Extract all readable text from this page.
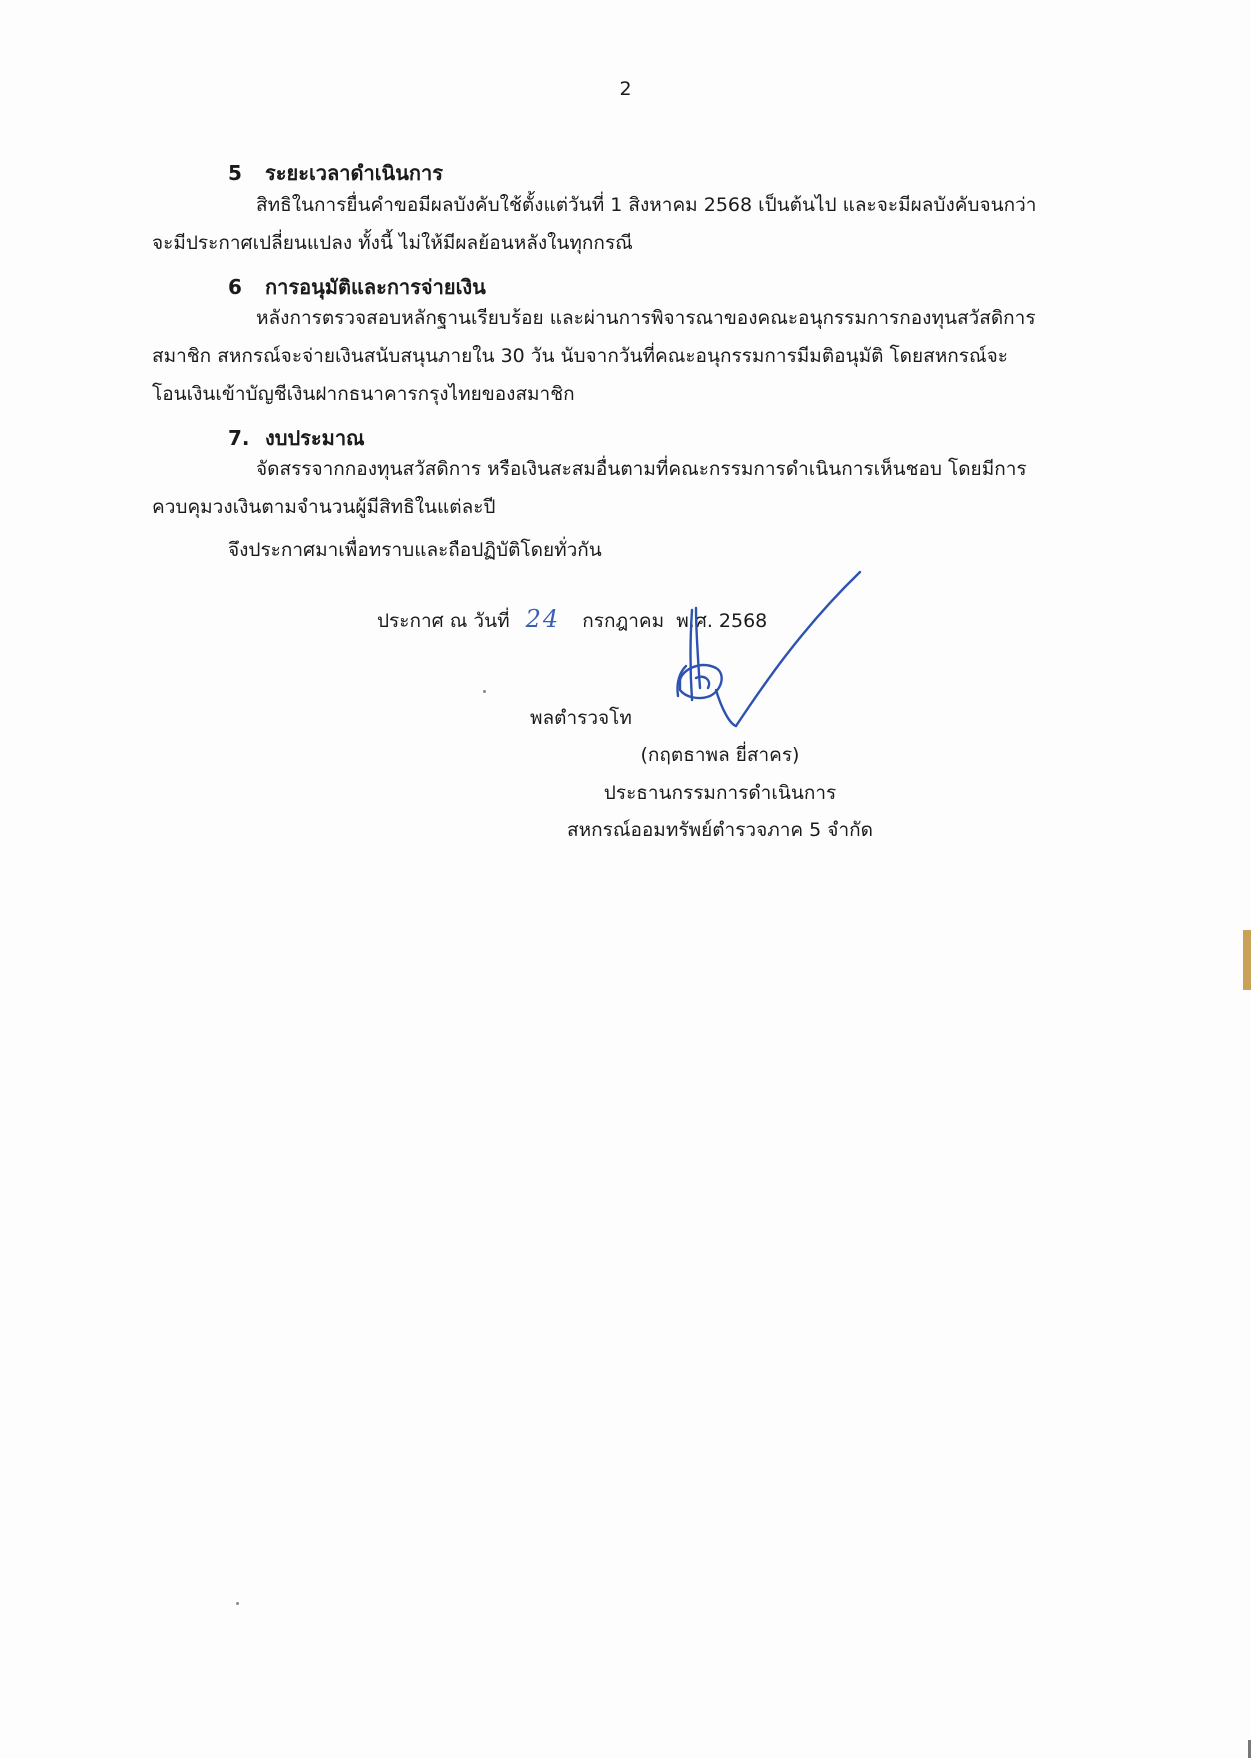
2
5 ระยะเวลาดำเนินการ
สิทธิในการยื่นคำขอมีผลบังคับใช้ตั้งแต่วันที่ 1 สิงหาคม 2568 เป็นต้นไป และจะมีผลบังคับจนกว่า
จะมีประกาศเปลี่ยนแปลง ทั้งนี้ ไม่ให้มีผลย้อนหลังในทุกกรณี
6 การอนุมัติและการจ่ายเงิน
หลังการตรวจสอบหลักฐานเรียบร้อย และผ่านการพิจารณาของคณะอนุกรรมการกองทุนสวัสดิการ
สมาชิก สหกรณ์จะจ่ายเงินสนับสนุนภายใน 30 วัน นับจากวันที่คณะอนุกรรมการมีมติอนุมัติ โดยสหกรณ์จะ
โอนเงินเข้าบัญชีเงินฝากธนาคารกรุงไทยของสมาชิก
7. งบประมาณ
จัดสรรจากกองทุนสวัสดิการ หรือเงินสะสมอื่นตามที่คณะกรรมการดำเนินการเห็นชอบ โดยมีการ
ควบคุมวงเงินตามจำนวนผู้มีสิทธิในแต่ละปี
จึงประกาศมาเพื่อทราบและถือปฏิบัติโดยทั่วกัน
ประกาศ ณ วันที่ 24 กรกฎาคม พ.ศ. 2568
พลตำรวจโท
(กฤตธาพล ยี่สาคร)
ประธานกรรมการดำเนินการ
สหกรณ์ออมทรัพย์ตำรวจภาค 5 จำกัด
